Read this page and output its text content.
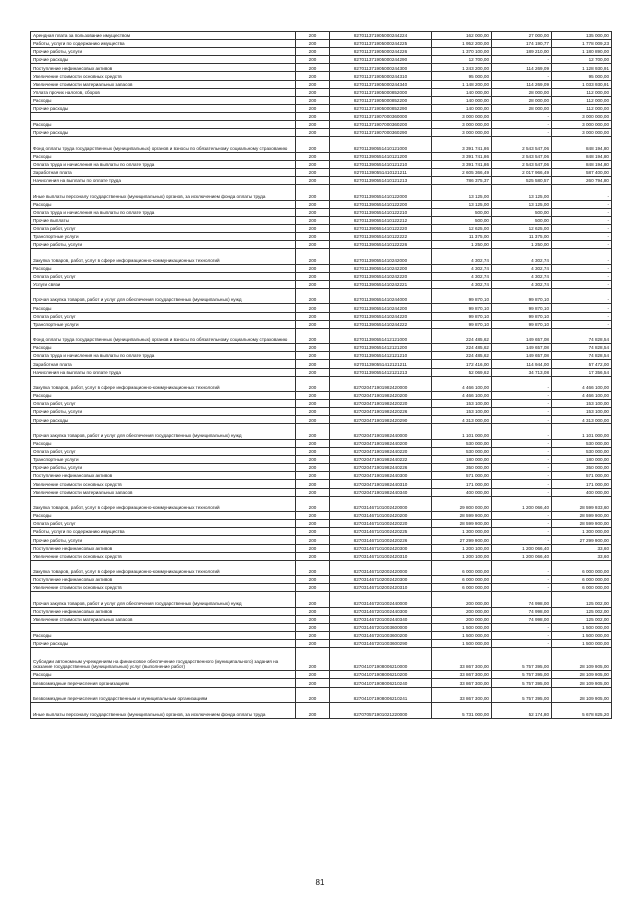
Арендная плата за пользование имуществом	200	827011371905000244224	162 000,00	27 000,00	135 000,00
Работы, услуги по содержанию имущества	200	827011371905000244225	1 952 200,00	174 190,77	1 778 009,23
Прочие работы, услуги	200	827011371905000244226	1 370 100,00	189 210,00	1 180 890,00
Прочие расходы	200	827011371905000244290	12 700,00	-	12 700,00
Поступление нефинансовых активов	200	827011371905000244300	1 243 200,00	114 269,09	1 128 930,91
Увеличение стоимости основных средств	200	827011371905000244310	95 000,00	-	95 000,00
Увеличение стоимости материальных запасов	200	827011371905000244340	1 148 200,00	114 269,09	1 033 930,91
Уплата прочих налогов, сборов	200	827011371905000852000	140 000,00	28 000,00	112 000,00
Расходы	200	827011371905000852200	140 000,00	28 000,00	112 000,00
Прочие расходы	200	827011371905000852290	140 000,00	28 000,00	112 000,00
	200	827011371907000360000	3 000 000,00	-	3 000 000,00
Расходы	200	827011371907000360200	3 000 000,00	-	3 000 000,00
Прочие расходы	200	827011371907000360290	3 000 000,00	-	3 000 000,00
Фонд оплаты труда государственных (муниципальных) органов и взносы по обязательному социальному страхованию	200	827011390551410121000	3 391 741,86	2 543 547,06	848 194,80
Расходы	200	827011390551410121200	3 391 741,86	2 543 547,06	848 194,80
Оплата труда и начисления на выплаты по оплате труда	200	827011390551410121210	3 391 741,86	2 543 547,06	848 194,80
Заработная плата	200	827011390551410121211	2 605 366,49	2 017 966,49	587 400,00
Начисления на выплаты по оплате труда	200	827011390551410121213	786 375,37	525 580,57	260 794,80
Иные выплаты персоналу государственных (муниципальных) органов, за исключением фонда оплаты труда	200	827011390551410122000	13 125,00	13 125,00	-
Расходы	200	827011390551410122200	13 125,00	13 125,00	-
Оплата труда и начисления на выплаты по оплате труда	200	827011390551410122210	500,00	500,00	-
Прочие выплаты	200	827011390551410122212	500,00	500,00	-
Оплата работ, услуг	200	827011390551410122220	12 625,00	12 625,00	-
Транспортные услуги	200	827011390551410122222	11 375,00	11 375,00	-
Прочие работы, услуги	200	827011390551410122226	1 250,00	1 250,00	-
Закупка товаров, работ, услуг в сфере информационно-коммуникационных технологий	200	827011390551410242000	4 302,74	4 302,74	-
Расходы	200	827011390551410242200	4 302,74	4 302,74	-
Оплата работ, услуг	200	827011390551410242220	4 302,74	4 302,74	-
Услуги связи	200	827011390551410242221	4 302,74	4 302,74	-
Прочая закупка товаров, работ и услуг для обеспечения государственных (муниципальных) нужд	200	827011390551410244000	99 870,10	99 870,10	-
Расходы	200	827011390551410244200	99 870,10	99 870,10	-
Оплата работ, услуг	200	827011390551410244220	99 870,10	99 870,10	-
Транспортные услуги	200	827011390551410244222	99 870,10	99 870,10	-
Фонд оплаты труда государственных (муниципальных) органов и взносы по обязательному социальному страхованию	200	827011390551412121000	224 485,62	149 657,08	74 828,54
Расходы	200	827011390551412121200	224 485,62	149 657,08	74 828,54
Оплата труда и начисления на выплаты по оплате труда	200	827011390551412121210	224 485,62	149 657,08	74 828,54
Заработная плата	200	827011390551412121211	172 416,00	114 944,00	57 472,00
Начисления на выплаты по оплате труда	200	827011390551412121213	52 069,62	34 713,08	17 356,54
Закупка товаров, работ, услуг в сфере информационно-коммуникационных технологий	200	827020471901982420000	4 466 100,00	-	4 466 100,00
Расходы	200	827020471901982420200	4 466 100,00	-	4 466 100,00
Оплата работ, услуг	200	827020471901982420220	153 100,00	-	153 100,00
Прочие работы, услуги	200	827020471901982420226	153 100,00	-	153 100,00
Прочие расходы	200	827020471901982420290	4 313 000,00	-	4 313 000,00
Прочая закупка товаров, работ и услуг для обеспечения государственных (муниципальных) нужд	200	827020471901982440000	1 101 000,00	-	1 101 000,00
Расходы	200	827020471901982440200	530 000,00	-	530 000,00
Оплата работ, услуг	200	827020471901982440220	530 000,00	-	530 000,00
Транспортные услуги	200	827020471901982440222	180 000,00	-	180 000,00
Прочие работы, услуги	200	827020471901982440226	350 000,00	-	350 000,00
Поступление нефинансовых активов	200	827020471901982440300	571 000,00	-	571 000,00
Увеличение стоимости основных средств	200	827020471901982440310	171 000,00	-	171 000,00
Увеличение стоимости материальных запасов	200	827020471901982440340	400 000,00	-	400 000,00
Закупка товаров, работ, услуг в сфере информационно-коммуникационных технологий	200	827031467101002420000	29 800 000,00	1 200 066,40	28 599 933,60
Расходы	200	827031467101002420200	28 599 900,00	-	28 599 900,00
Оплата работ, услуг	200	827031467101002420220	28 599 900,00	-	28 599 900,00
Работы, услуги по содержанию имущества	200	827031467101002420225	1 300 000,00	-	1 300 000,00
Прочие работы, услуги	200	827031467101002420226	27 299 900,00	-	27 299 900,00
Поступление нефинансовых активов	200	827031467101002420300	1 200 100,00	1 200 066,40	33,60
Увеличение стоимости основных средств	200	827031467101002420310	1 200 100,00	1 200 066,40	33,60
Закупка товаров, работ, услуг в сфере информационно-коммуникационных технологий	200	827031467102002420000	6 000 000,00	-	6 000 000,00
Поступление нефинансовых активов	200	827031467102002420300	6 000 000,00	-	6 000 000,00
Увеличение стоимости основных средств	200	827031467102002420310	6 000 000,00	-	6 000 000,00
Прочая закупка товаров, работ и услуг для обеспечения государственных (муниципальных) нужд	200	827031467201002440000	200 000,00	74 998,00	125 002,00
Поступление нефинансовых активов	200	827031467201002440300	200 000,00	74 998,00	125 002,00
Увеличение стоимости материальных запасов	200	827031467201002440340	200 000,00	74 998,00	125 002,00
	200	827031467201003600000	1 500 000,00	-	1 500 000,00
Расходы	200	827031467201003600200	1 500 000,00	-	1 500 000,00
Прочие расходы	200	827031467201003600290	1 500 000,00	-	1 500 000,00
Субсидии автономным учреждениям на финансовое обеспечение государственного (муниципального) задания на оказание государственных (муниципальных) услуг (выполнение работ)	200	827041071908006210000	33 867 300,00	5 757 395,00	28 109 905,00
Расходы	200	827041071908006210200	33 867 300,00	5 757 395,00	28 109 905,00
Безвозмездные перечисления организациям	200	827041071908006210240	33 867 300,00	5 757 395,00	28 109 905,00
Безвозмездные перечисления государственным и муниципальным организациям	200	827041071908006210241	33 867 300,00	5 757 395,00	28 109 905,00
Иные выплаты персоналу государственных (муниципальных) органов, за исключением фонда оплаты труда	200	827070571901021220000	5 731 000,00	52 174,80	5 678 825,20
81
